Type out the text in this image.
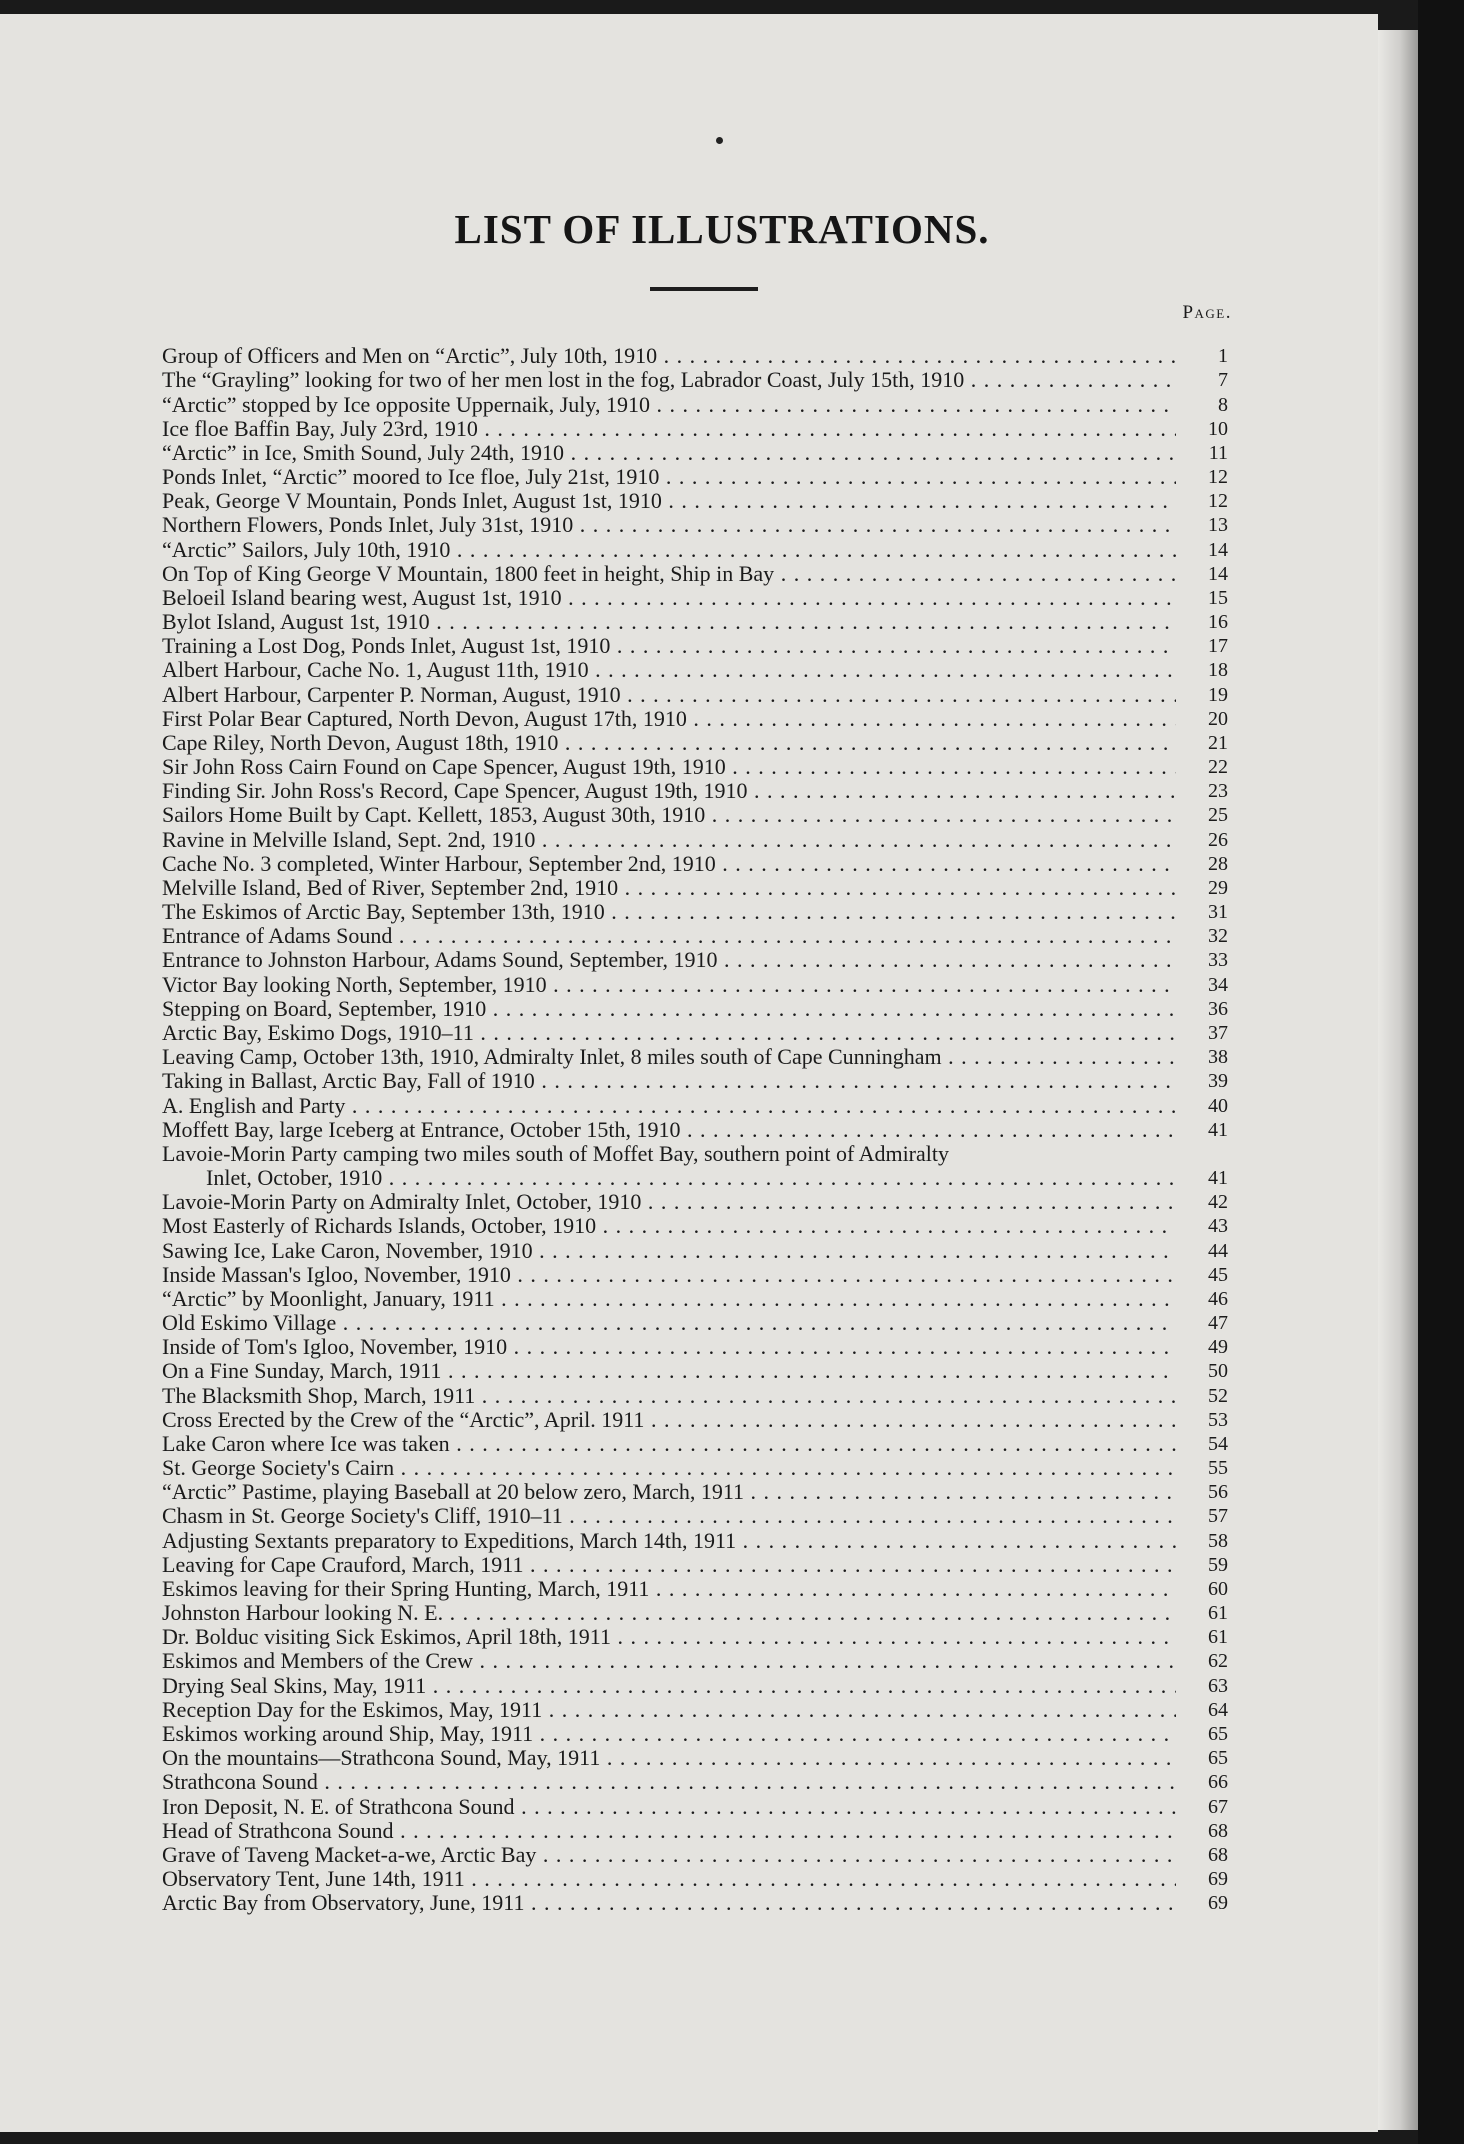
LIST OF ILLUSTRATIONS.
Page.
Group of Officers and Men on “Arctic”, July 10th, 1910 . . .	1
The “Grayling” looking for two of her men lost in the fog, Labrador Coast, July 15th, 1910 . . .	7
“Arctic” stopped by Ice opposite Uppernaik, July, 1910 . . .	8
Ice floe Baffin Bay, July 23rd, 1910 . . .	10
“Arctic” in Ice, Smith Sound, July 24th, 1910 . . .	11
Ponds Inlet, “Arctic” moored to Ice floe, July 21st, 1910 . . .	12
Peak, George V Mountain, Ponds Inlet, August 1st, 1910 . . .	12
Northern Flowers, Ponds Inlet, July 31st, 1910 . . .	13
“Arctic” Sailors, July 10th, 1910 . . .	14
On Top of King George V Mountain, 1800 feet in height, Ship in Bay . . .	14
Beloeil Island bearing west, August 1st, 1910 . . .	15
Bylot Island, August 1st, 1910 . . .	16
Training a Lost Dog, Ponds Inlet, August 1st, 1910 . . .	17
Albert Harbour, Cache No. 1, August 11th, 1910 . . .	18
Albert Harbour, Carpenter P. Norman, August, 1910 . . .	19
First Polar Bear Captured, North Devon, August 17th, 1910 . . .	20
Cape Riley, North Devon, August 18th, 1910 . . .	21
Sir John Ross Cairn Found on Cape Spencer, August 19th, 1910 . . .	22
Finding Sir. John Ross's Record, Cape Spencer, August 19th, 1910 . . .	23
Sailors Home Built by Capt. Kellett, 1853, August 30th, 1910 . . .	25
Ravine in Melville Island, Sept. 2nd, 1910 . . .	26
Cache No. 3 completed, Winter Harbour, September 2nd, 1910 . . .	28
Melville Island, Bed of River, September 2nd, 1910 . . .	29
The Eskimos of Arctic Bay, September 13th, 1910 . . .	31
Entrance of Adams Sound . . .	32
Entrance to Johnston Harbour, Adams Sound, September, 1910 . . .	33
Victor Bay looking North, September, 1910 . . .	34
Stepping on Board, September, 1910 . . .	36
Arctic Bay, Eskimo Dogs, 1910–11 . . .	37
Leaving Camp, October 13th, 1910, Admiralty Inlet, 8 miles south of Cape Cunningham . . .	38
Taking in Ballast, Arctic Bay, Fall of 1910 . . .	39
A. English and Party . . .	40
Moffett Bay, large Iceberg at Entrance, October 15th, 1910 . . .	41
Lavoie-Morin Party camping two miles south of Moffet Bay, southern point of Admiralty
Inlet, October, 1910 . . .	41
Lavoie-Morin Party on Admiralty Inlet, October, 1910 . . .	42
Most Easterly of Richards Islands, October, 1910 . . .	43
Sawing Ice, Lake Caron, November, 1910 . . .	44
Inside Massan's Igloo, November, 1910 . . .	45
“Arctic” by Moonlight, January, 1911 . . .	46
Old Eskimo Village . . .	47
Inside of Tom's Igloo, November, 1910 . . .	49
On a Fine Sunday, March, 1911 . . .	50
The Blacksmith Shop, March, 1911 . . .	52
Cross Erected by the Crew of the “Arctic”, April. 1911 . . .	53
Lake Caron where Ice was taken . . .	54
St. George Society's Cairn . . .	55
“Arctic” Pastime, playing Baseball at 20 below zero, March, 1911 . . .	56
Chasm in St. George Society's Cliff, 1910–11 . . .	57
Adjusting Sextants preparatory to Expeditions, March 14th, 1911 . . .	58
Leaving for Cape Crauford, March, 1911 . . .	59
Eskimos leaving for their Spring Hunting, March, 1911 . . .	60
Johnston Harbour looking N. E. . . .	61
Dr. Bolduc visiting Sick Eskimos, April 18th, 1911 . . .	61
Eskimos and Members of the Crew . . .	62
Drying Seal Skins, May, 1911 . . .	63
Reception Day for the Eskimos, May, 1911 . . .	64
Eskimos working around Ship, May, 1911 . . .	65
On the mountains—Strathcona Sound, May, 1911 . . .	65
Strathcona Sound . . .	66
Iron Deposit, N. E. of Strathcona Sound . . .	67
Head of Strathcona Sound . . .	68
Grave of Taveng Macket-a-we, Arctic Bay . . .	68
Observatory Tent, June 14th, 1911 . . .	69
Arctic Bay from Observatory, June, 1911 . . .	69
